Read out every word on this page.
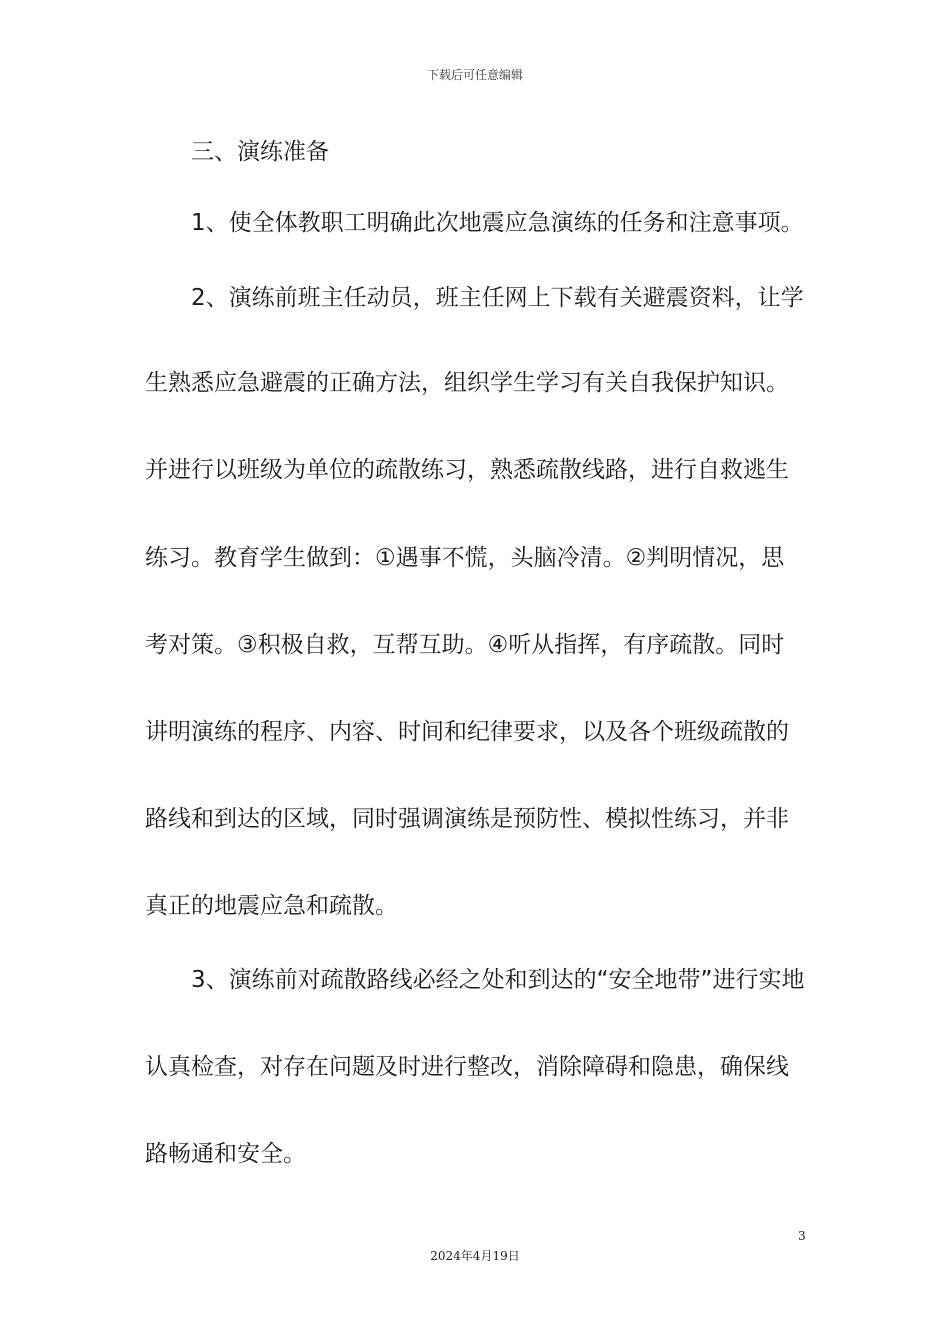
下载后可任意编辑
三、演练准备
1、使全体教职工明确此次地震应急演练的任务和注意事项。
2、演练前班主任动员，班主任网上下载有关避震资料，让学
生熟悉应急避震的正确方法，组织学生学习有关自我保护知识。
并进行以班级为单位的疏散练习，熟悉疏散线路，进行自救逃生
练习。教育学生做到：①遇事不慌，头脑冷清。②判明情况，思
考对策。③积极自救，互帮互助。④听从指挥，有序疏散。同时
讲明演练的程序、内容、时间和纪律要求，以及各个班级疏散的
路线和到达的区域，同时强调演练是预防性、模拟性练习，并非
真正的地震应急和疏散。
3、演练前对疏散路线必经之处和到达的“安全地带”进行实地
认真检查，对存在问题及时进行整改，消除障碍和隐患，确保线
路畅通和安全。
3
2024年4月19日
